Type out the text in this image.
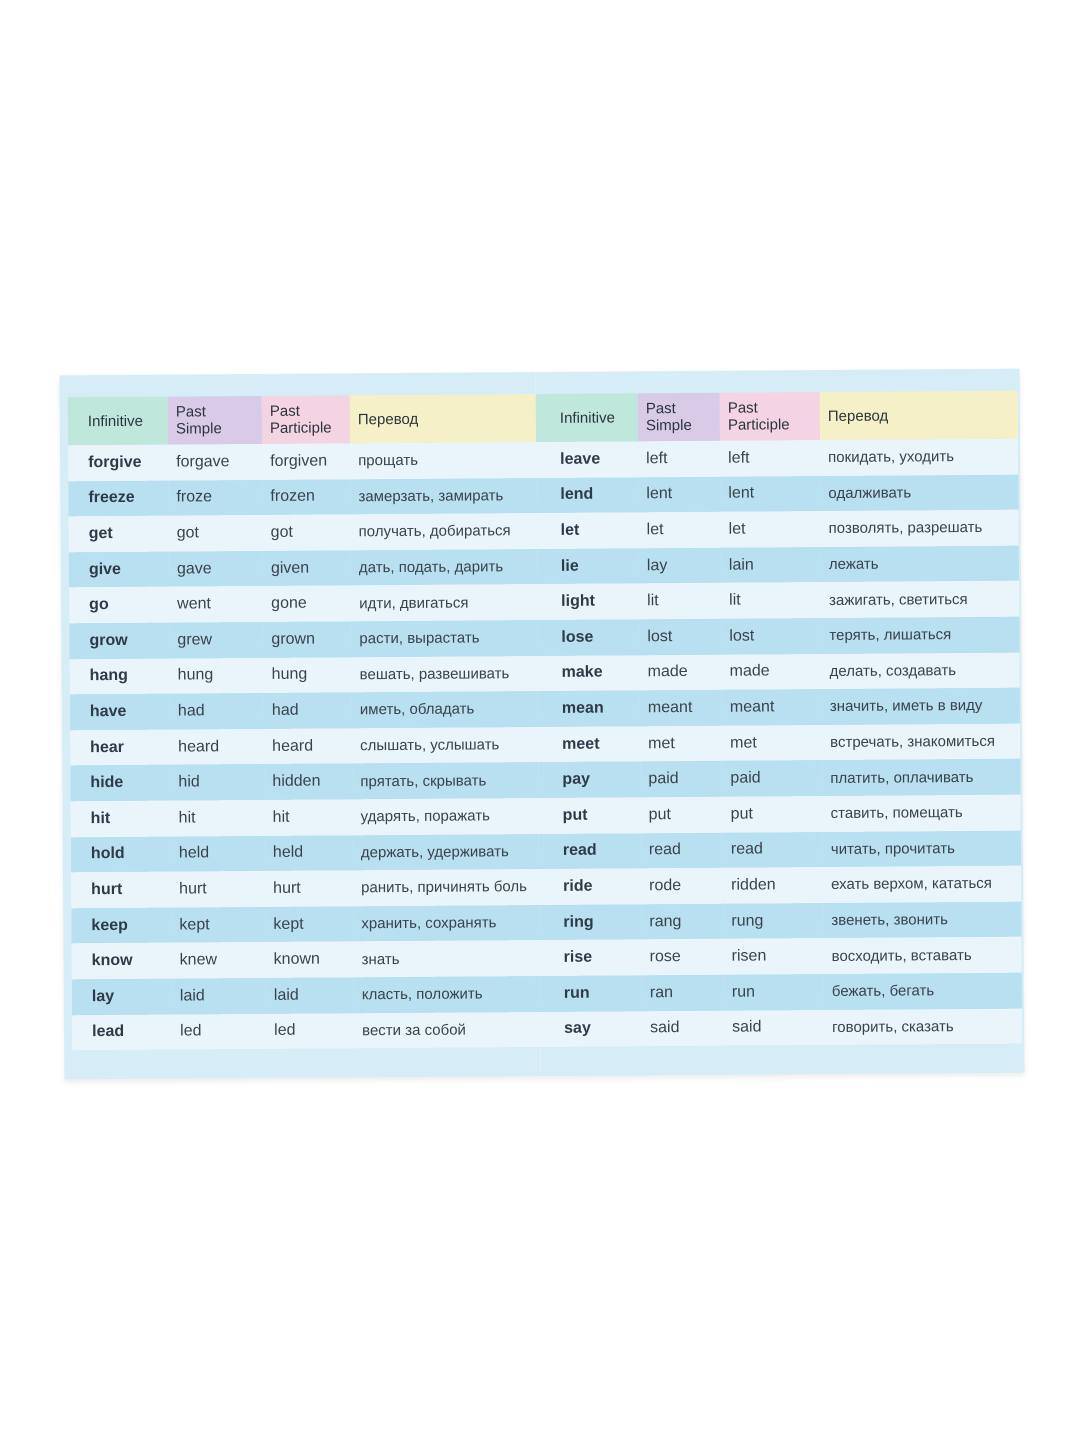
Infinitive	Past Simple	Past Participle	Перевод
forgive	forgave	forgiven	прощать
freeze	froze	frozen	замерзать, замирать
get	got	got	получать, добираться
give	gave	given	дать, подать, дарить
go	went	gone	идти, двигаться
grow	grew	grown	расти, вырастать
hang	hung	hung	вешать, развешивать
have	had	had	иметь, обладать
hear	heard	heard	слышать, услышать
hide	hid	hidden	прятать, скрывать
hit	hit	hit	ударять, поражать
hold	held	held	держать, удерживать
hurt	hurt	hurt	ранить, причинять боль
keep	kept	kept	хранить, сохранять
know	knew	known	знать
lay	laid	laid	класть, положить
lead	led	led	вести за собой
Infinitive	Past Simple	Past Participle	Перевод
leave	left	left	покидать, уходить
lend	lent	lent	одалживать
let	let	let	позволять, разрешать
lie	lay	lain	лежать
light	lit	lit	зажигать, светиться
lose	lost	lost	терять, лишаться
make	made	made	делать, создавать
mean	meant	meant	значить, иметь в виду
meet	met	met	встречать, знакомиться
pay	paid	paid	платить, оплачивать
put	put	put	ставить, помещать
read	read	read	читать, прочитать
ride	rode	ridden	ехать верхом, кататься
ring	rang	rung	звенеть, звонить
rise	rose	risen	восходить, вставать
run	ran	run	бежать, бегать
say	said	said	говорить, сказать
